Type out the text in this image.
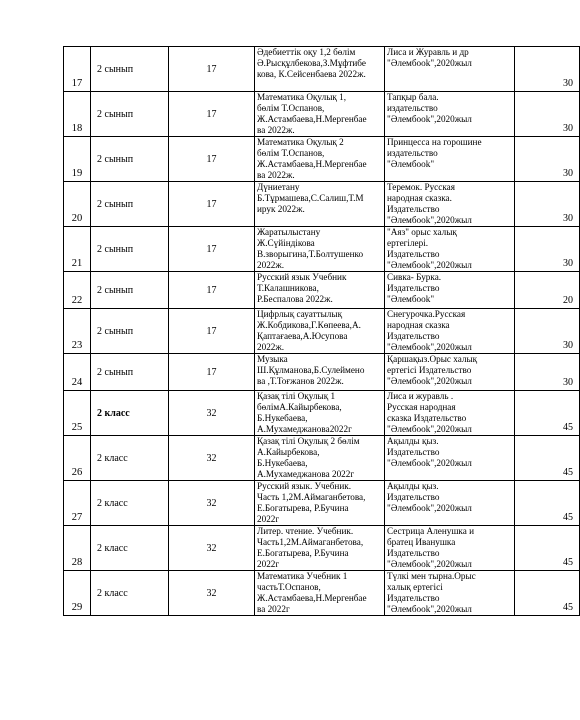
17	2 сынып	17	Әдебиеттік оқу 1,2 бөлім
Ә.Рысқұлбекова,З.Мұфтибе
кова, К.Сейсенбаева 2022ж.	Лиса и Журавль и др
"Әлембook",2020жыл	30
18	2 сынып	17	Математика Оқулық 1,
бөлім Т.Оспанов,
Ж.Астамбаева,Н.Мергенбае
ва 2022ж.	Тапқыр бала.
издательство
"Әлембook",2020жыл	30
19	2 сынып	17	Математика Оқулық 2
бөлім Т.Оспанов,
Ж.Астамбаева,Н.Мергенбае
ва 2022ж.	Принцесса на горошине
издательство
"Әлембook"	30
20	2 сынып	17	Дүниетану
Б.Тұрмашева,С.Салиш,Т.М
ирук 2022ж.	Теремок. Русская
народная сказка.
Издательство
"Әлембook",2020жыл	30
21	2 сынып	17	Жаратылыстану
Ж.Сүйіндікова
В.зворыгина,Т.Болтушенко
2022ж.	"Аяз" орыс халық
ертегілері.
Издательство
"Әлембook",2020жыл	30
22	2 сынып	17	Русский язык Учебник
Т.Калашникова,
Р.Беспалова 2022ж.	Сивка- Бурка.
Издательство
"Әлембook"	20
23	2 сынып	17	Цифрлық сауаттылық
Ж.Кобдикова,Г.Көпеева,А.
Қаптағаева,А.Юсупова
2022ж.	Снегурочка.Русская
народная сказка
Издательство
"Әлембook",2020жыл	30
24	2 сынып	17	Музыка
Ш.Құлманова,Б.Сулеймено
ва ,Т.Тоғжанов 2022ж.	Қаршақыз.Орыс халық
ертегісі Издательство
"Әлембook",2020жыл	30
25	2 класс	32	Қазақ тілі Оқулық 1
бөлімА.Кайырбекова,
Б.Нукебаева,
А.Мухамеджанова2022г	Лиса и журавль .
Русская народная
сказка Издательство
"Әлембook",2020жыл	45
26	2 класс	32	Қазақ тілі Оқулық 2 бөлім
А.Кайырбекова,
Б.Нукебаева,
А.Мухамеджанова 2022г	Ақылды қыз.
Издательство
"Әлембook",2020жыл	45
27	2 класс	32	Русский язык. Учебник.
Часть 1,2М.Аймаганбетова,
Е.Богатырева, Р.Бучина
2022г	Ақылды қыз.
Издательство
"Әлембook",2020жыл	45
28	2 класс	32	Литер. чтение. Учебник.
Часть1,2М.Аймаганбетова,
Е.Богатырева, Р.Бучина
2022г	Сестрица Аленушка и
братец Иванушка
Издательство
"Әлембook",2020жыл	45
29	2 класс	32	Математика Учебник 1
частьТ.Оспанов,
Ж.Астамбаева,Н.Мергенбае
ва 2022г	Түлкі мен тырна.Орыс
халық ертегісі
Издательство
"Әлембook",2020жыл	45
